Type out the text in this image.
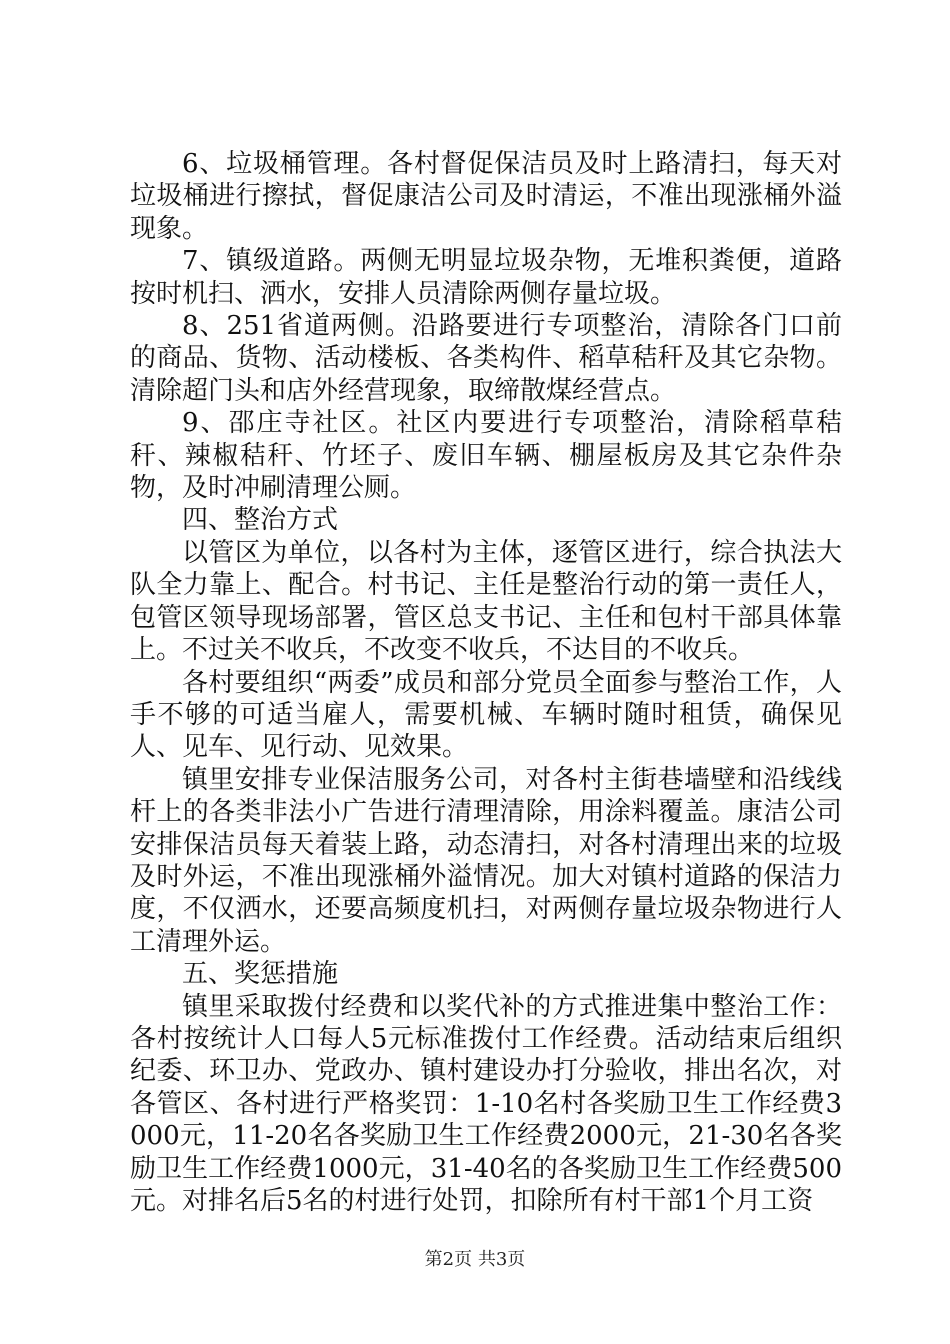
6、垃圾桶管理。各村督促保洁员及时上路清扫，每天对垃圾桶进行擦拭，督促康洁公司及时清运，不准出现涨桶外溢现象。

7、镇级道路。两侧无明显垃圾杂物，无堆积粪便，道路按时机扫、洒水，安排人员清除两侧存量垃圾。

8、251省道两侧。沿路要进行专项整治，清除各门口前的商品、货物、活动楼板、各类构件、稻草秸秆及其它杂物。清除超门头和店外经营现象，取缔散煤经营点。

9、邵庄寺社区。社区内要进行专项整治，清除稻草秸秆、辣椒秸秆、竹坯子、废旧车辆、棚屋板房及其它杂件杂物，及时冲刷清理公厕。

四、整治方式

以管区为单位，以各村为主体，逐管区进行，综合执法大队全力靠上、配合。村书记、主任是整治行动的第一责任人，包管区领导现场部署，管区总支书记、主任和包村干部具体靠上。不过关不收兵，不改变不收兵，不达目的不收兵。

各村要组织“两委”成员和部分党员全面参与整治工作，人手不够的可适当雇人，需要机械、车辆时随时租赁，确保见人、见车、见行动、见效果。

镇里安排专业保洁服务公司，对各村主街巷墙壁和沿线线杆上的各类非法小广告进行清理清除，用涂料覆盖。康洁公司安排保洁员每天着装上路，动态清扫，对各村清理出来的垃圾及时外运，不准出现涨桶外溢情况。加大对镇村道路的保洁力度，不仅洒水，还要高频度机扫，对两侧存量垃圾杂物进行人工清理外运。

五、奖惩措施

镇里采取拨付经费和以奖代补的方式推进集中整治工作：各村按统计人口每人5元标准拨付工作经费。活动结束后组织纪委、环卫办、党政办、镇村建设办打分验收，排出名次，对各管区、各村进行严格奖罚：1-10名村各奖励卫生工作经费3000元，11-20名各奖励卫生工作经费2000元，21-30名各奖励卫生工作经费1000元，31-40名的各奖励卫生工作经费500元。对排名后5名的村进行处罚，扣除所有村干部1个月工资

第2页 共3页
